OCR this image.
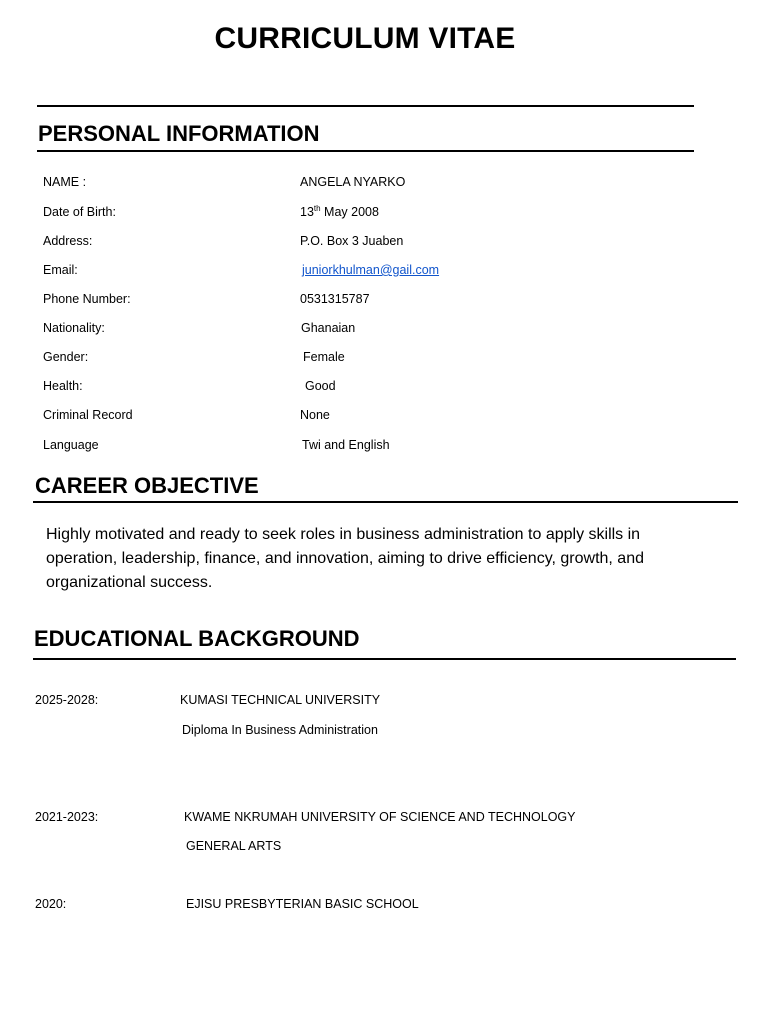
CURRICULUM VITAE
PERSONAL INFORMATION
NAME :	ANGELA NYARKO
Date of Birth:	13th May 2008
Address:	P.O. Box 3 Juaben
Email:	juniorkhulman@gail.com
Phone Number:	0531315787
Nationality:	Ghanaian
Gender:	Female
Health:	Good
Criminal Record	None
Language	Twi and English
CAREER OBJECTIVE
Highly motivated and ready to seek roles in business administration to apply skills in operation, leadership, finance, and innovation, aiming to drive efficiency, growth, and organizational success.
EDUCATIONAL BACKGROUND
2025-2028:	KUMASI TECHNICAL UNIVERSITY
Diploma In Business Administration
2021-2023:	KWAME NKRUMAH UNIVERSITY OF SCIENCE AND TECHNOLOGY
GENERAL ARTS
2020:	EJISU PRESBYTERIAN BASIC SCHOOL
